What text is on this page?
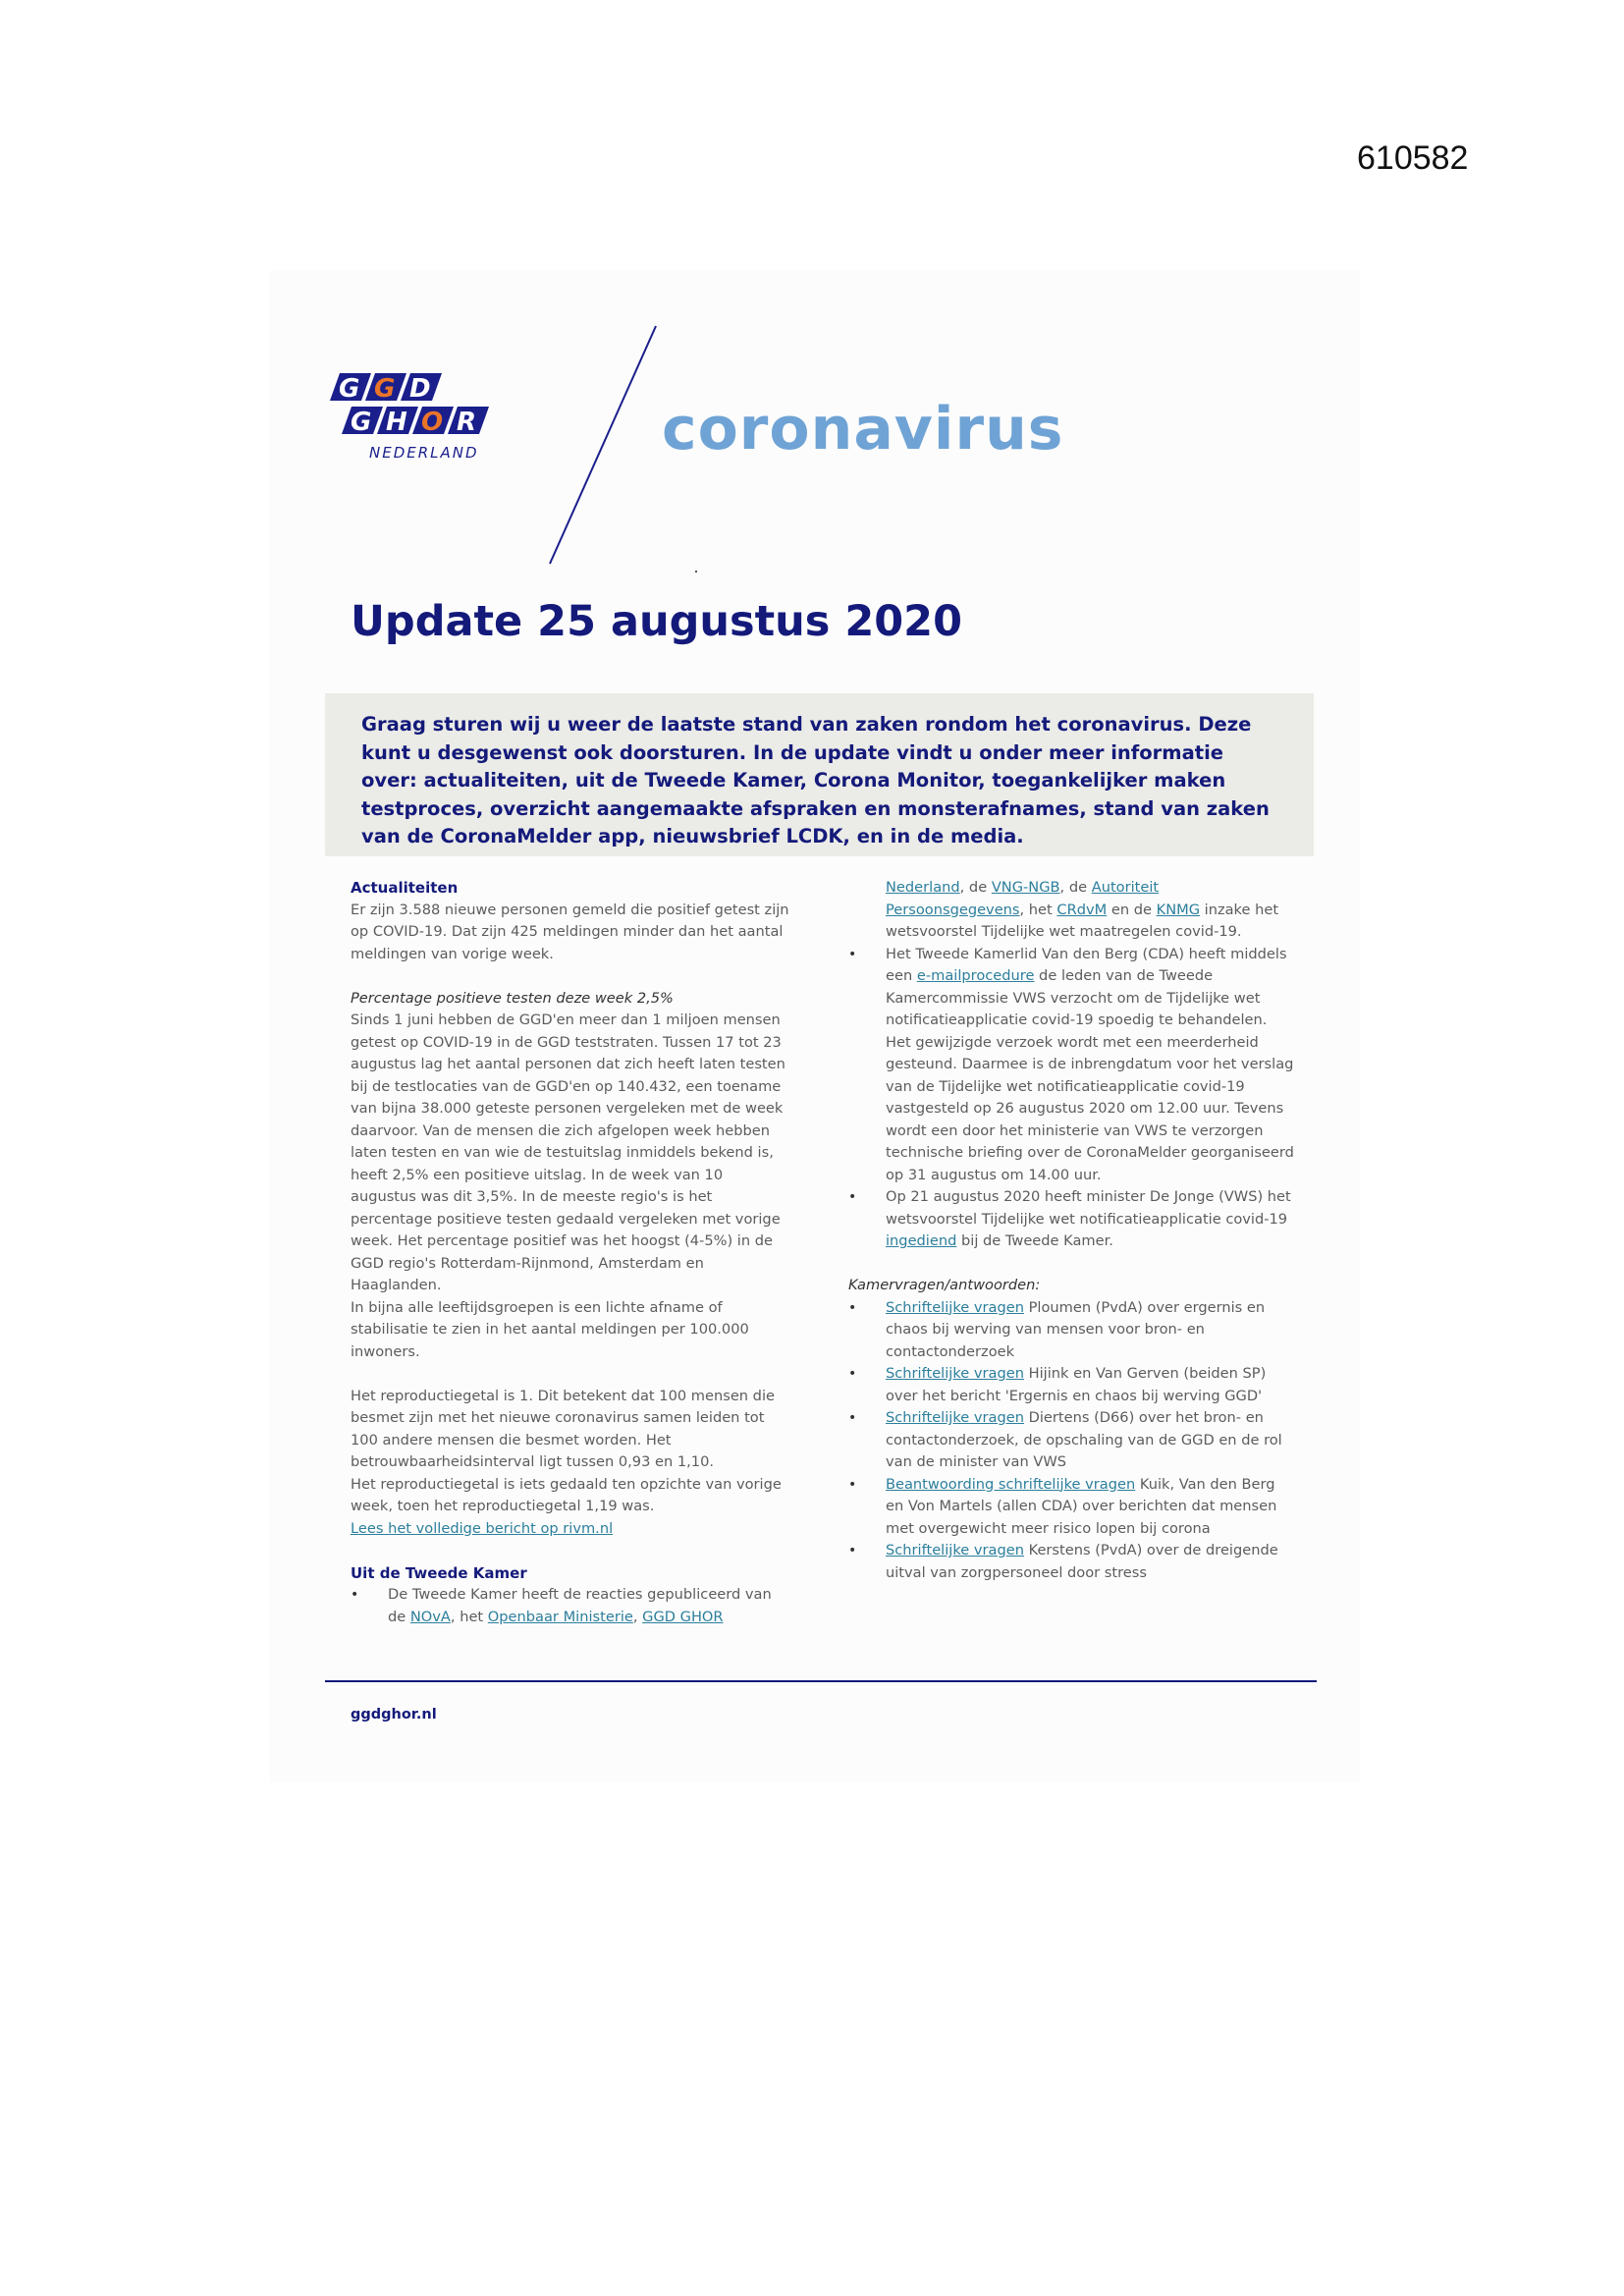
610582
G G D
G H O R
NEDERLAND	coronavirus
Update 25 augustus 2020
Graag sturen wij u weer de laatste stand van zaken rondom het coronavirus. Deze kunt u desgewenst ook doorsturen. In de update vindt u onder meer informatie over: actualiteiten, uit de Tweede Kamer, Corona Monitor, toegankelijker maken testproces, overzicht aangemaakte afspraken en monsterafnames, stand van zaken van de CoronaMelder app, nieuwsbrief LCDK, en in de media.

Actualiteiten

Er zijn 3.588 nieuwe personen gemeld die positief getest zijn op COVID-19. Dat zijn 425 meldingen minder dan het aantal meldingen van vorige week.

Percentage positieve testen deze week 2,5%

Sinds 1 juni hebben de GGD'en meer dan 1 miljoen mensen getest op COVID-19 in de GGD teststraten. Tussen 17 tot 23 augustus lag het aantal personen dat zich heeft laten testen bij de testlocaties van de GGD'en op 140.432, een toename van bijna 38.000 geteste personen vergeleken met de week daarvoor. Van de mensen die zich afgelopen week hebben laten testen en van wie de testuitslag inmiddels bekend is, heeft 2,5% een positieve uitslag. In de week van 10 augustus was dit 3,5%. In de meeste regio's is het percentage positieve testen gedaald vergeleken met vorige week. Het percentage positief was het hoogst (4-5%) in de GGD regio's Rotterdam-Rijnmond, Amsterdam en Haaglanden.

In bijna alle leeftijdsgroepen is een lichte afname of stabilisatie te zien in het aantal meldingen per 100.000 inwoners.

Het reproductiegetal is 1. Dit betekent dat 100 mensen die besmet zijn met het nieuwe coronavirus samen leiden tot 100 andere mensen die besmet worden. Het betrouwbaarheidsinterval ligt tussen 0,93 en 1,10.

Het reproductiegetal is iets gedaald ten opzichte van vorige week, toen het reproductiegetal 1,19 was.

Lees het volledige bericht op rivm.nl

Uit de Tweede Kamer

• De Tweede Kamer heeft de reacties gepubliceerd van de NOvA, het Openbaar Ministerie, GGD GHOR
Nederland, de VNG-NGB, de Autoriteit Persoonsgegevens, het CRdvM en de KNMG inzake het wetsvoorstel Tijdelijke wet maatregelen covid-19.
• Het Tweede Kamerlid Van den Berg (CDA) heeft middels een e-mailprocedure de leden van de Tweede Kamercommissie VWS verzocht om de Tijdelijke wet notificatieapplicatie covid-19 spoedig te behandelen. Het gewijzigde verzoek wordt met een meerderheid gesteund. Daarmee is de inbrengdatum voor het verslag van de Tijdelijke wet notificatieapplicatie covid-19 vastgesteld op 26 augustus 2020 om 12.00 uur. Tevens wordt een door het ministerie van VWS te verzorgen technische briefing over de CoronaMelder georganiseerd op 31 augustus om 14.00 uur.
• Op 21 augustus 2020 heeft minister De Jonge (VWS) het wetsvoorstel Tijdelijke wet notificatieapplicatie covid-19 ingediend bij de Tweede Kamer.

Kamervragen/antwoorden:

• Schriftelijke vragen Ploumen (PvdA) over ergernis en chaos bij werving van mensen voor bron- en contactonderzoek
• Schriftelijke vragen Hijink en Van Gerven (beiden SP) over het bericht 'Ergernis en chaos bij werving GGD'
• Schriftelijke vragen Diertens (D66) over het bron- en contactonderzoek, de opschaling van de GGD en de rol van de minister van VWS
• Beantwoording schriftelijke vragen Kuik, Van den Berg en Von Martels (allen CDA) over berichten dat mensen met overgewicht meer risico lopen bij corona
• Schriftelijke vragen Kerstens (PvdA) over de dreigende uitval van zorgpersoneel door stress
ggdghor.nl
